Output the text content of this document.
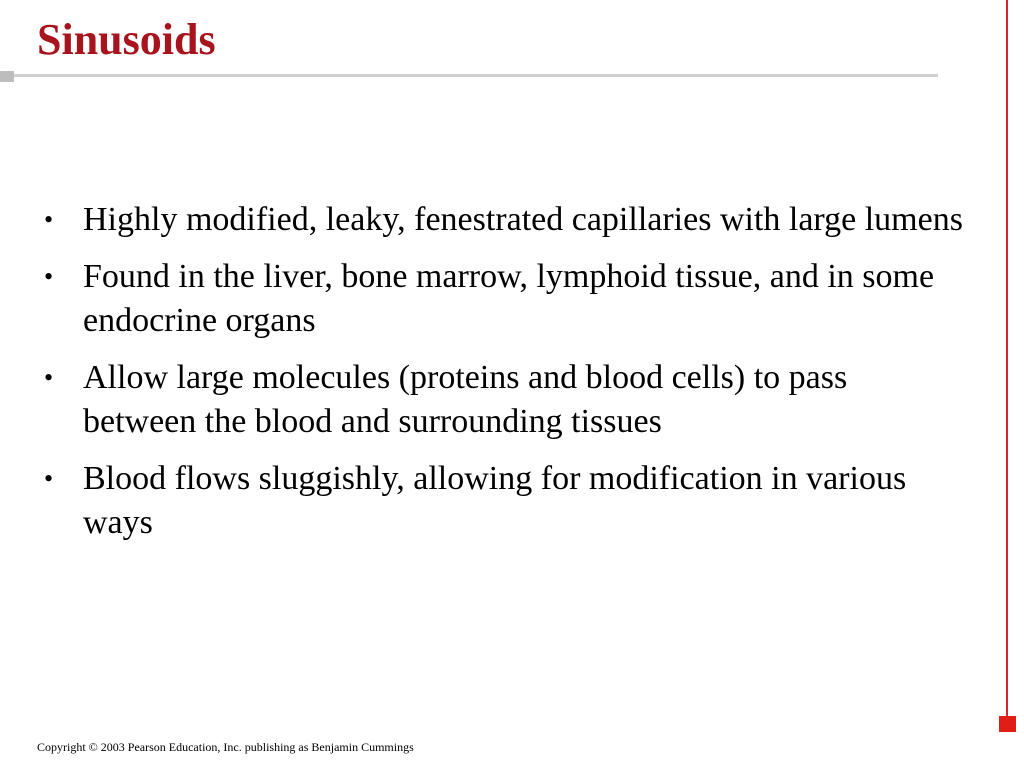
Sinusoids
• Highly modified, leaky, fenestrated capillaries with large lumens
• Found in the liver, bone marrow, lymphoid tissue, and in some endocrine organs
• Allow large molecules (proteins and blood cells) to pass between the blood and surrounding tissues
• Blood flows sluggishly, allowing for modification in various ways
Copyright © 2003 Pearson Education, Inc. publishing as Benjamin Cummings
